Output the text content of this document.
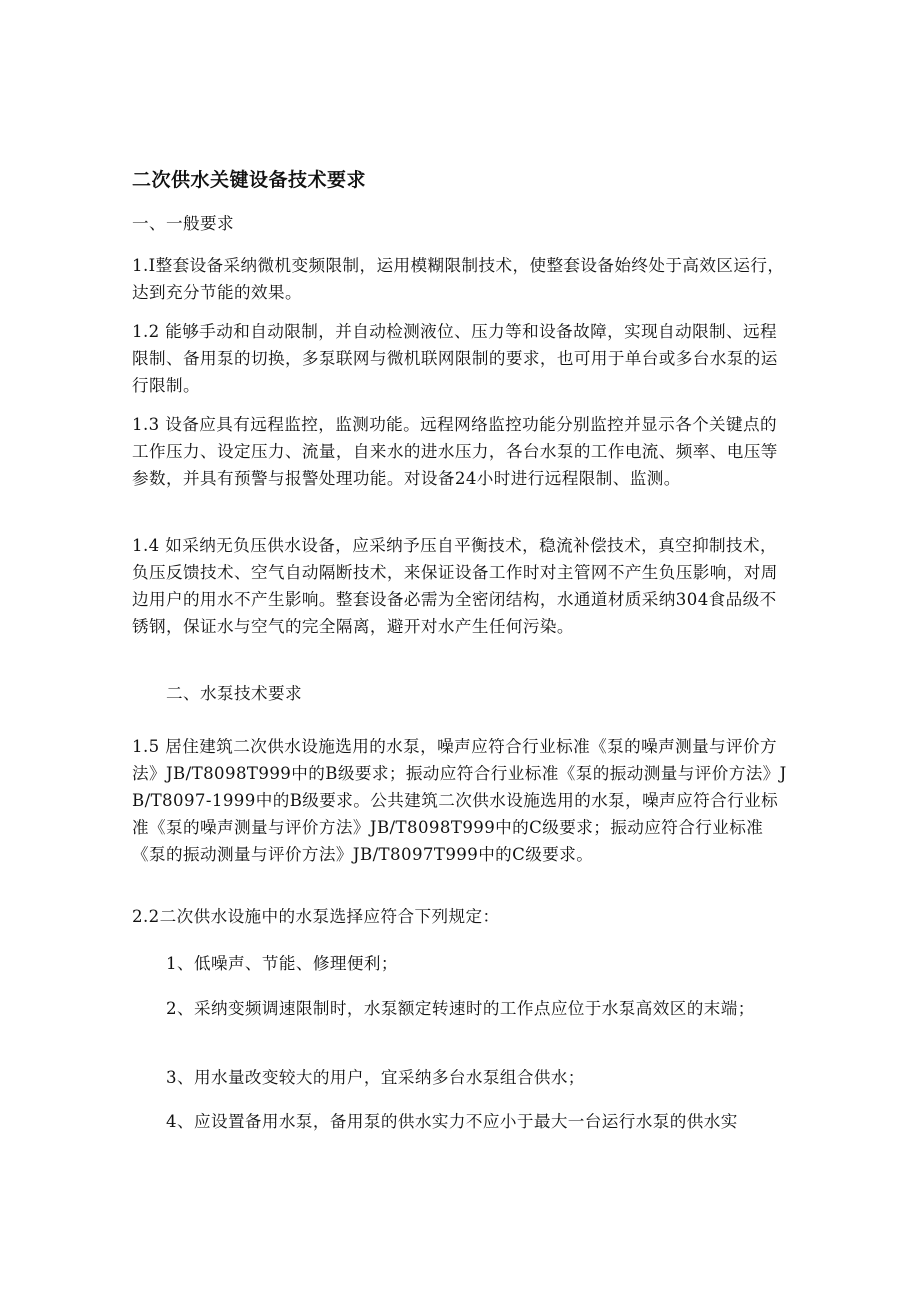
二次供水关键设备技术要求

一、一般要求

1.I整套设备采纳微机变频限制，运用模糊限制技术，使整套设备始终处于高效区运行，达到充分节能的效果。

1.2 能够手动和自动限制，并自动检测液位、压力等和设备故障，实现自动限制、远程限制、备用泵的切换，多泵联网与微机联网限制的要求，也可用于单台或多台水泵的运行限制。

1.3 设备应具有远程监控，监测功能。远程网络监控功能分别监控并显示各个关键点的工作压力、设定压力、流量，自来水的进水压力，各台水泵的工作电流、频率、电压等参数，并具有预警与报警处理功能。对设备24小时进行远程限制、监测。

1.4 如采纳无负压供水设备，应采纳予压自平衡技术，稳流补偿技术，真空抑制技术，负压反馈技术、空气自动隔断技术，来保证设备工作时对主管网不产生负压影响，对周边用户的用水不产生影响。整套设备必需为全密闭结构，水通道材质采纳304食品级不锈钢，保证水与空气的完全隔离，避开对水产生任何污染。

二、水泵技术要求

1.5 居住建筑二次供水设施选用的水泵，噪声应符合行业标准《泵的噪声测量与评价方法》JB/T8098T999中的B级要求；振动应符合行业标准《泵的振动测量与评价方法》JB/T8097-1999中的B级要求。公共建筑二次供水设施选用的水泵，噪声应符合行业标准《泵的噪声测量与评价方法》JB/T8098T999中的C级要求；振动应符合行业标准《泵的振动测量与评价方法》JB/T8097T999中的C级要求。

2.2二次供水设施中的水泵选择应符合下列规定：

1、低噪声、节能、修理便利；

2、采纳变频调速限制时，水泵额定转速时的工作点应位于水泵高效区的末端；

3、用水量改变较大的用户，宜采纳多台水泵组合供水；

4、应设置备用水泵，备用泵的供水实力不应小于最大一台运行水泵的供水实
